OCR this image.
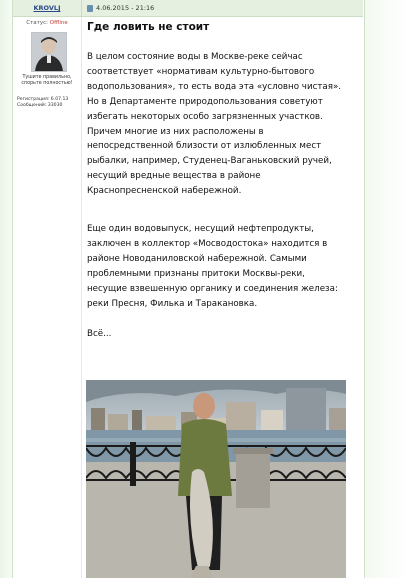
KROVLJ	4.06.2015 - 21:16
Статус: Offline
Тушите правильно,
спорьте полностью!
Регистрация: 6.07.13
Сообщений: 33030
Где ловить не стоит
В целом состояние воды в Москве-реке сейчас
соответствует «нормативам культурно-бытового
водопользования», то есть вода эта «условно чистая».
Но в Департаменте природопользования советуют
избегать некоторых особо загрязненных участков.
Причем многие из них расположены в
непосредственной близости от излюбленных мест
рыбалки, например, Студенец-Ваганьковский ручей,
несущий вредные вещества в районе
Краснопресненской набережной.
Еще один водовыпуск, несущий нефтепродукты,
заключен в коллектор «Мосводостока» находится в
районе Новоданиловской набережной. Самыми
проблемными признаны притоки Москвы-реки,
несущие взвешенную органику и соединения железа:
реки Пресня, Филька и Таракановка.
Всё...
